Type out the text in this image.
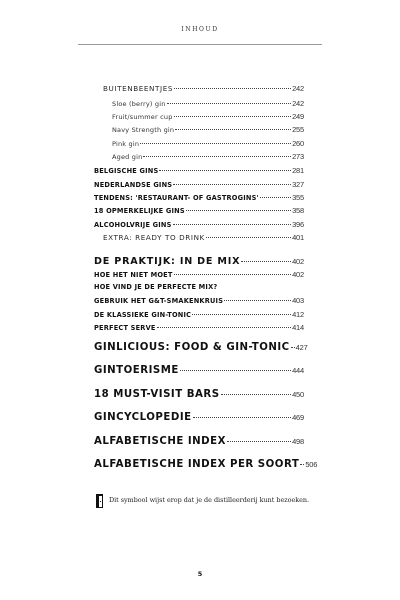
INHOUD
BUITENBEENTJES	242
Sloe (berry) gin	242
Fruit/summer cup	249
Navy Strength gin	255
Pink gin	260
Aged gin	273
BELGISCHE GINS	281
NEDERLANDSE GINS	327
TENDENS: 'RESTAURANT- OF GASTROGINS'	355
18 OPMERKELIJKE GINS	358
ALCOHOLVRIJE GINS	396
EXTRA: READY TO DRINK	401
DE PRAKTIJK: IN DE MIX	402
HOE HET NIET MOET	402
HOE VIND JE DE PERFECTE MIX?
GEBRUIK HET G&T-SMAKENKRUIS	403
DE KLASSIEKE GIN-TONIC	412
PERFECT SERVE	414
GINLICIOUS: FOOD & GIN-TONIC 427
GINTOERISME	444
18 MUST-VISIT BARS	450
GINCYCLOPEDIE	469
ALFABETISCHE INDEX	498
ALFABETISCHE INDEX PER SOORT 506
Dit symbool wijst erop dat je de distilleerderij kunt bezoeken.
5
